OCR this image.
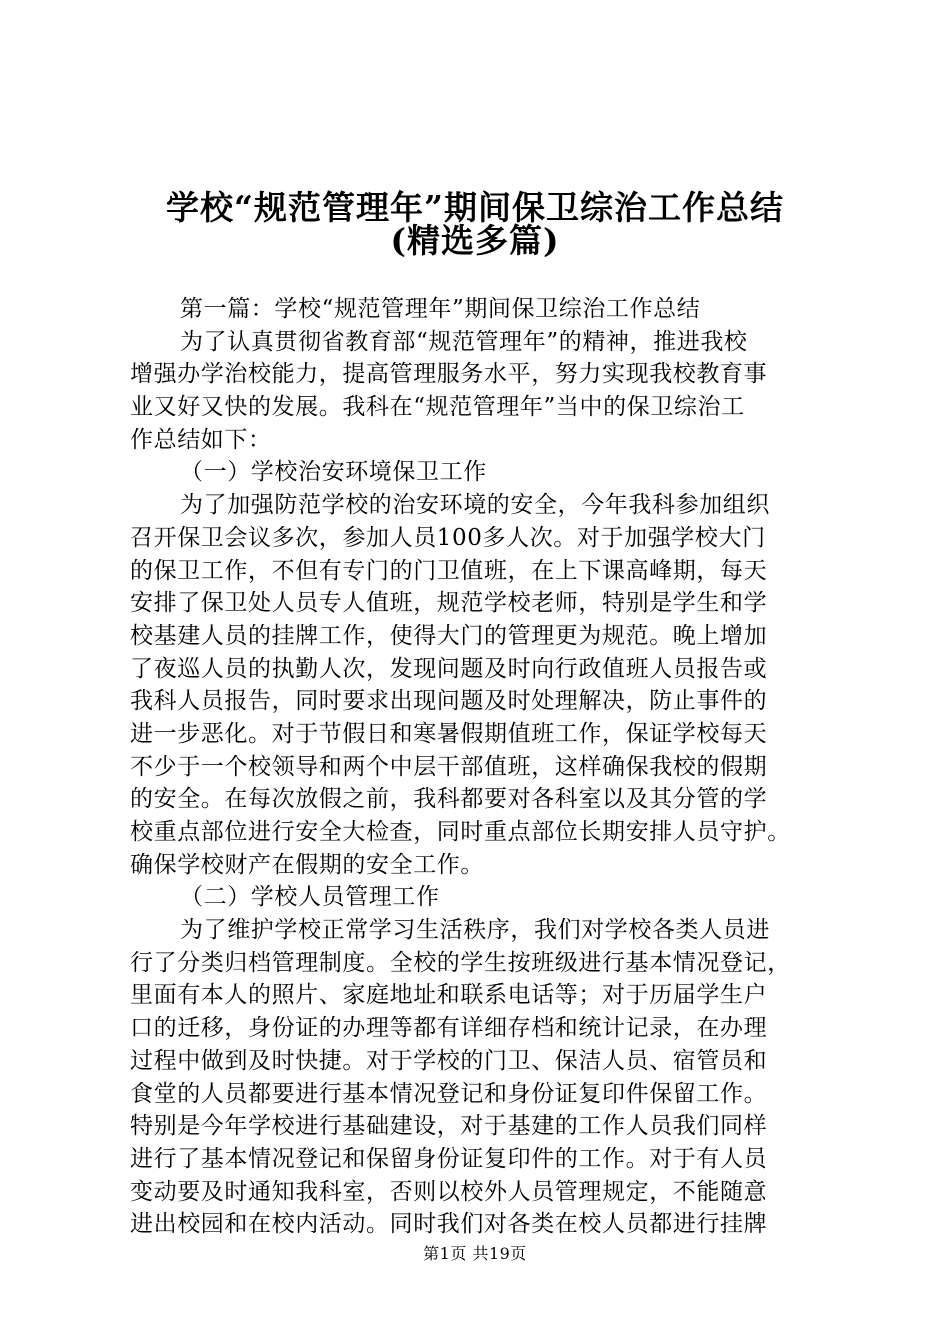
学校“规范管理年”期间保卫综治工作总结
(精选多篇)
第一篇：学校“规范管理年”期间保卫综治工作总结
为了认真贯彻省教育部“规范管理年”的精神，推进我校
增强办学治校能力，提高管理服务水平，努力实现我校教育事
业又好又快的发展。我科在“规范管理年”当中的保卫综治工
作总结如下：
（一）学校治安环境保卫工作
为了加强防范学校的治安环境的安全，今年我科参加组织
召开保卫会议多次，参加人员100多人次。对于加强学校大门
的保卫工作，不但有专门的门卫值班，在上下课高峰期，每天
安排了保卫处人员专人值班，规范学校老师，特别是学生和学
校基建人员的挂牌工作，使得大门的管理更为规范。晚上增加
了夜巡人员的执勤人次，发现问题及时向行政值班人员报告或
我科人员报告，同时要求出现问题及时处理解决，防止事件的
进一步恶化。对于节假日和寒暑假期值班工作，保证学校每天
不少于一个校领导和两个中层干部值班，这样确保我校的假期
的安全。在每次放假之前，我科都要对各科室以及其分管的学
校重点部位进行安全大检查，同时重点部位长期安排人员守护。
确保学校财产在假期的安全工作。
（二）学校人员管理工作
为了维护学校正常学习生活秩序，我们对学校各类人员进
行了分类归档管理制度。全校的学生按班级进行基本情况登记，
里面有本人的照片、家庭地址和联系电话等；对于历届学生户
口的迁移，身份证的办理等都有详细存档和统计记录，在办理
过程中做到及时快捷。对于学校的门卫、保洁人员、宿管员和
食堂的人员都要进行基本情况登记和身份证复印件保留工作。
特别是今年学校进行基础建设，对于基建的工作人员我们同样
进行了基本情况登记和保留身份证复印件的工作。对于有人员
变动要及时通知我科室，否则以校外人员管理规定，不能随意
进出校园和在校内活动。同时我们对各类在校人员都进行挂牌
第1页 共19页
